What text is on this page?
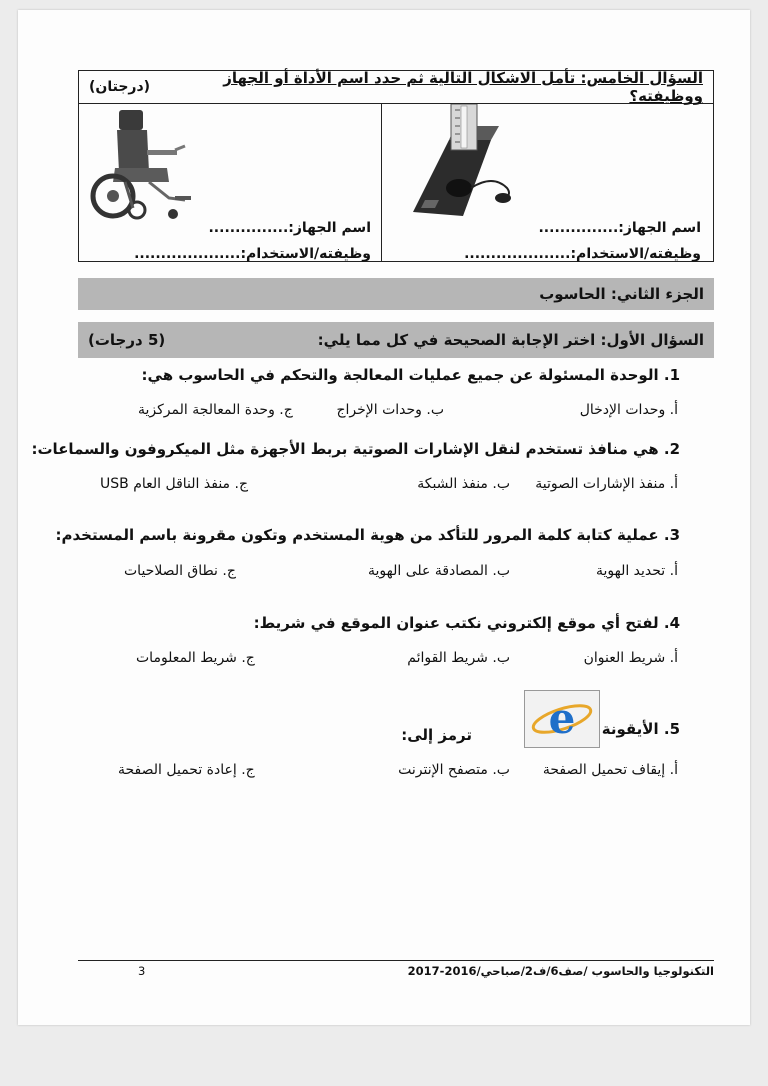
السؤال الخامس: تأمل الاشكال التالية ثم حدد اسم الأداة أو الجهاز ووظيفته؟
(درجتان)
اسم الجهاز:...............
وظيفته/الاستخدام:....................
اسم الجهاز:...............
وظيفته/الاستخدام:....................
الجزء الثاني: الحاسوب
السؤال الأول: اختر الإجابة الصحيحة في كل مما يلي:
(5 درجات)
1. الوحدة المسئولة عن جميع عمليات المعالجة والتحكم في الحاسوب هي:
أ. وحدات الإدخال
ب. وحدات الإخراج
ج. وحدة المعالجة المركزية
2. هي منافذ تستخدم لنقل الإشارات الصوتية بربط الأجهزة مثل الميكروفون والسماعات:
أ. منفذ الإشارات الصوتية
ب. منفذ الشبكة
ج. منفذ الناقل العام USB
3. عملية كتابة كلمة المرور للتأكد من هوية المستخدم وتكون مقرونة باسم المستخدم:
أ. تحديد الهوية
ب. المصادقة على الهوية
ج. نطاق الصلاحيات
4. لفتح أي موقع إلكتروني نكتب عنوان الموقع في شريط:
أ. شريط العنوان
ب. شريط القوائم
ج. شريط المعلومات
5. الأيقونة
e
ترمز إلى:
أ. إيقاف تحميل الصفحة
ب. متصفح الإنترنت
ج. إعادة تحميل الصفحة
3	التكنولوجيا والحاسوب /صف6/ف2/صباحي/2016-2017
